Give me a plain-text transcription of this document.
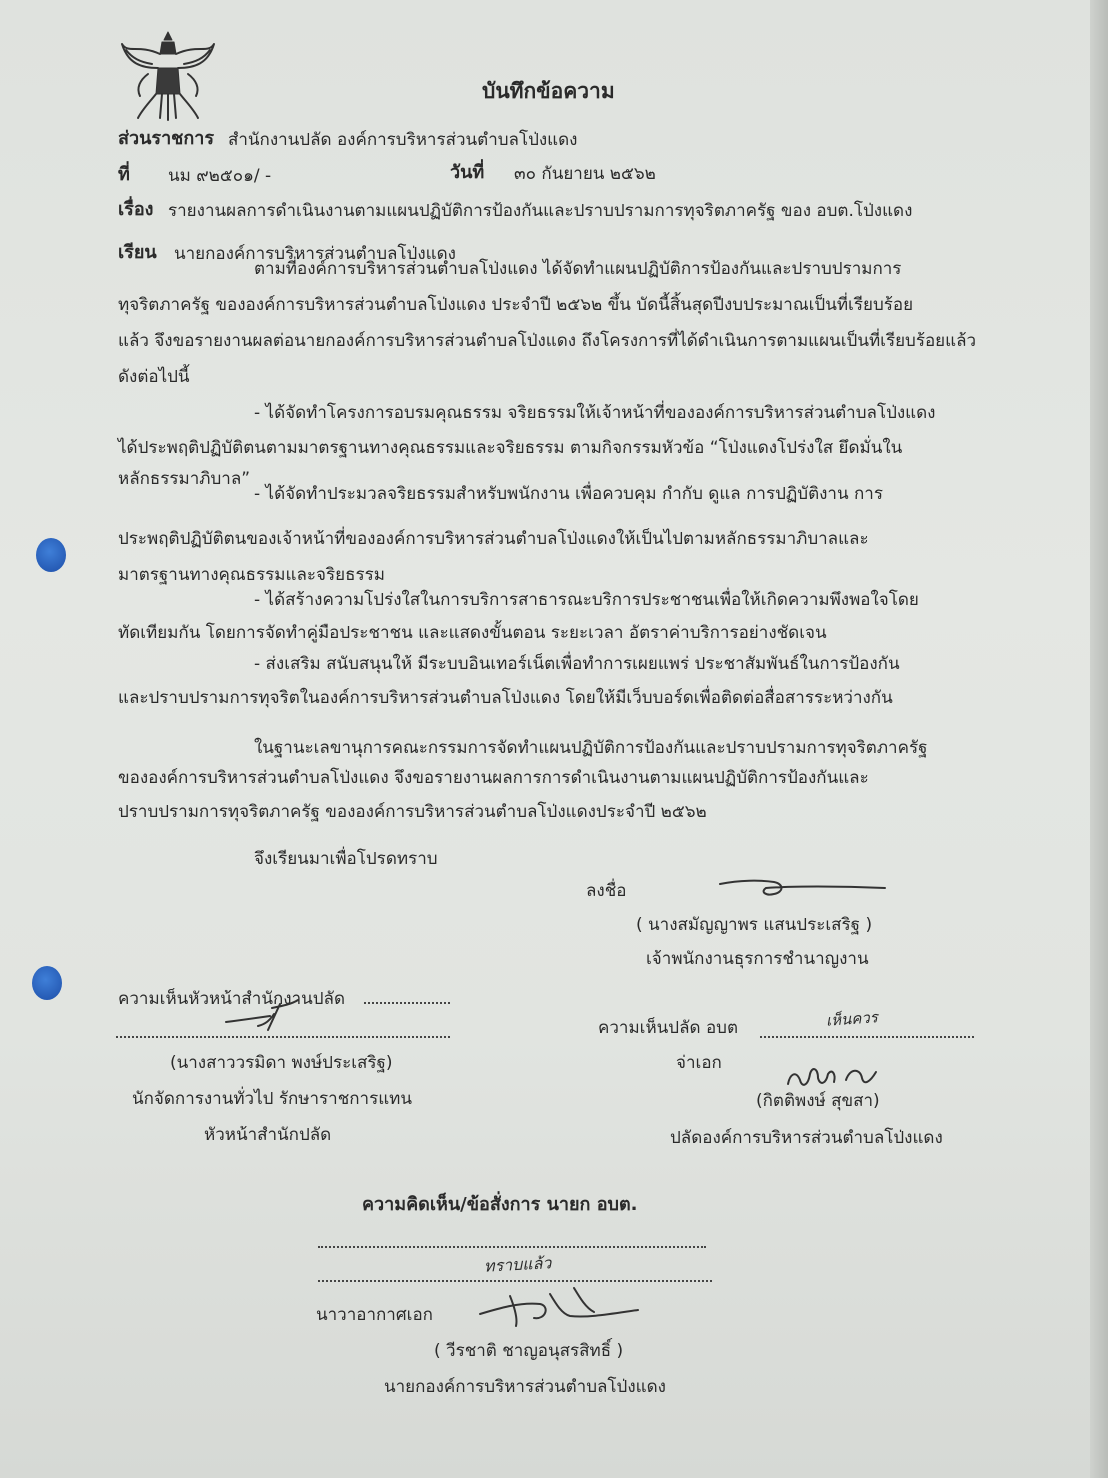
บันทึกข้อความ
ส่วนราชการ สำนักงานปลัด องค์การบริหารส่วนตำบลโป่งแดง
ที่ นม ๙๒๕๐๑/ -	วันที่ ๓๐ กันยายน ๒๕๖๒
เรื่อง รายงานผลการดำเนินงานตามแผนปฏิบัติการป้องกันและปราบปรามการทุจริตภาครัฐ ของ อบต.โป่งแดง
เรียน นายกองค์การบริหารส่วนตำบลโป่งแดง
ตามที่องค์การบริหารส่วนตำบลโป่งแดง ได้จัดทำแผนปฏิบัติการป้องกันและปราบปรามการ
ทุจริตภาครัฐ ขององค์การบริหารส่วนตำบลโป่งแดง ประจำปี ๒๕๖๒ ขึ้น บัดนี้สิ้นสุดปีงบประมาณเป็นที่เรียบร้อย
แล้ว จึงขอรายงานผลต่อนายกองค์การบริหารส่วนตำบลโป่งแดง ถึงโครงการที่ได้ดำเนินการตามแผนเป็นที่เรียบร้อยแล้ว
ดังต่อไปนี้
- ได้จัดทำโครงการอบรมคุณธรรม จริยธรรมให้เจ้าหน้าที่ขององค์การบริหารส่วนตำบลโป่งแดง
ได้ประพฤติปฏิบัติตนตามมาตรฐานทางคุณธรรมและจริยธรรม ตามกิจกรรมหัวข้อ “โป่งแดงโปร่งใส ยึดมั่นใน
หลักธรรมาภิบาล”
- ได้จัดทำประมวลจริยธรรมสำหรับพนักงาน เพื่อควบคุม กำกับ ดูแล การปฏิบัติงาน การ
ประพฤติปฏิบัติตนของเจ้าหน้าที่ขององค์การบริหารส่วนตำบลโป่งแดงให้เป็นไปตามหลักธรรมาภิบาลและ
มาตรฐานทางคุณธรรมและจริยธรรม
- ได้สร้างความโปร่งใสในการบริการสาธารณะบริการประชาชนเพื่อให้เกิดความพึงพอใจโดย
ทัดเทียมกัน โดยการจัดทำคู่มือประชาชน และแสดงขั้นตอน ระยะเวลา อัตราค่าบริการอย่างชัดเจน
- ส่งเสริม สนับสนุนให้ มีระบบอินเทอร์เน็ตเพื่อทำการเผยแพร่ ประชาสัมพันธ์ในการป้องกัน
และปราบปรามการทุจริตในองค์การบริหารส่วนตำบลโป่งแดง โดยให้มีเว็บบอร์ดเพื่อติดต่อสื่อสารระหว่างกัน
ในฐานะเลขานุการคณะกรรมการจัดทำแผนปฏิบัติการป้องกันและปราบปรามการทุจริตภาครัฐ
ขององค์การบริหารส่วนตำบลโป่งแดง จึงขอรายงานผลการการดำเนินงานตามแผนปฏิบัติการป้องกันและ
ปราบปรามการทุจริตภาครัฐ ขององค์การบริหารส่วนตำบลโป่งแดงประจำปี ๒๕๖๒
จึงเรียนมาเพื่อโปรดทราบ
ลงชื่อ
( นางสมัญญาพร แสนประเสริฐ )
เจ้าพนักงานธุรการชำนาญงาน
ความเห็นหัวหน้าสำนักงานปลัด
(นางสาววรมิดา พงษ์ประเสริฐ)
นักจัดการงานทั่วไป รักษาราชการแทน
หัวหน้าสำนักปลัด
ความเห็นปลัด อบต	เห็นควร
จ่าเอก
(กิตติพงษ์ สุขสา)
ปลัดองค์การบริหารส่วนตำบลโป่งแดง
ความคิดเห็น/ข้อสั่งการ นายก อบต.
ทราบแล้ว
นาวาอากาศเอก
( วีรชาติ ชาญอนุสรสิทธิ์ )
นายกองค์การบริหารส่วนตำบลโป่งแดง
